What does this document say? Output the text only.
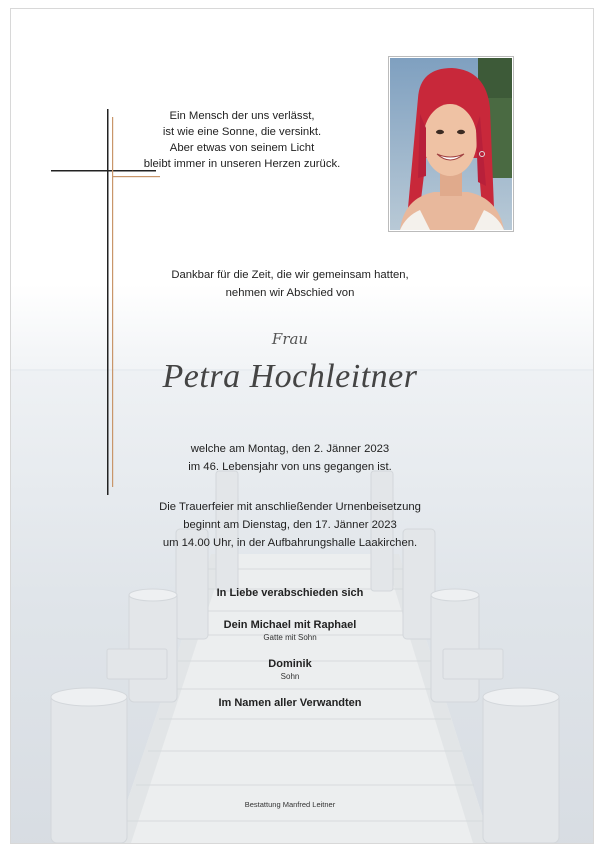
Ein Mensch der uns verlässt,
ist wie eine Sonne, die versinkt.
Aber etwas von seinem Licht
bleibt immer in unseren Herzen zurück.
Dankbar für die Zeit, die wir gemeinsam hatten,
nehmen wir Abschied von
Frau
Petra Hochleitner
welche am Montag, den 2. Jänner 2023
im 46. Lebensjahr von uns gegangen ist.
Die Trauerfeier mit anschließender Urnenbeisetzung
beginnt am Dienstag, den 17. Jänner 2023
um 14.00 Uhr, in der Aufbahrungshalle Laakirchen.
In Liebe verabschieden sich
Dein Michael mit Raphael
Gatte mit Sohn
Dominik
Sohn
Im Namen aller Verwandten
Bestattung Manfred Leitner
